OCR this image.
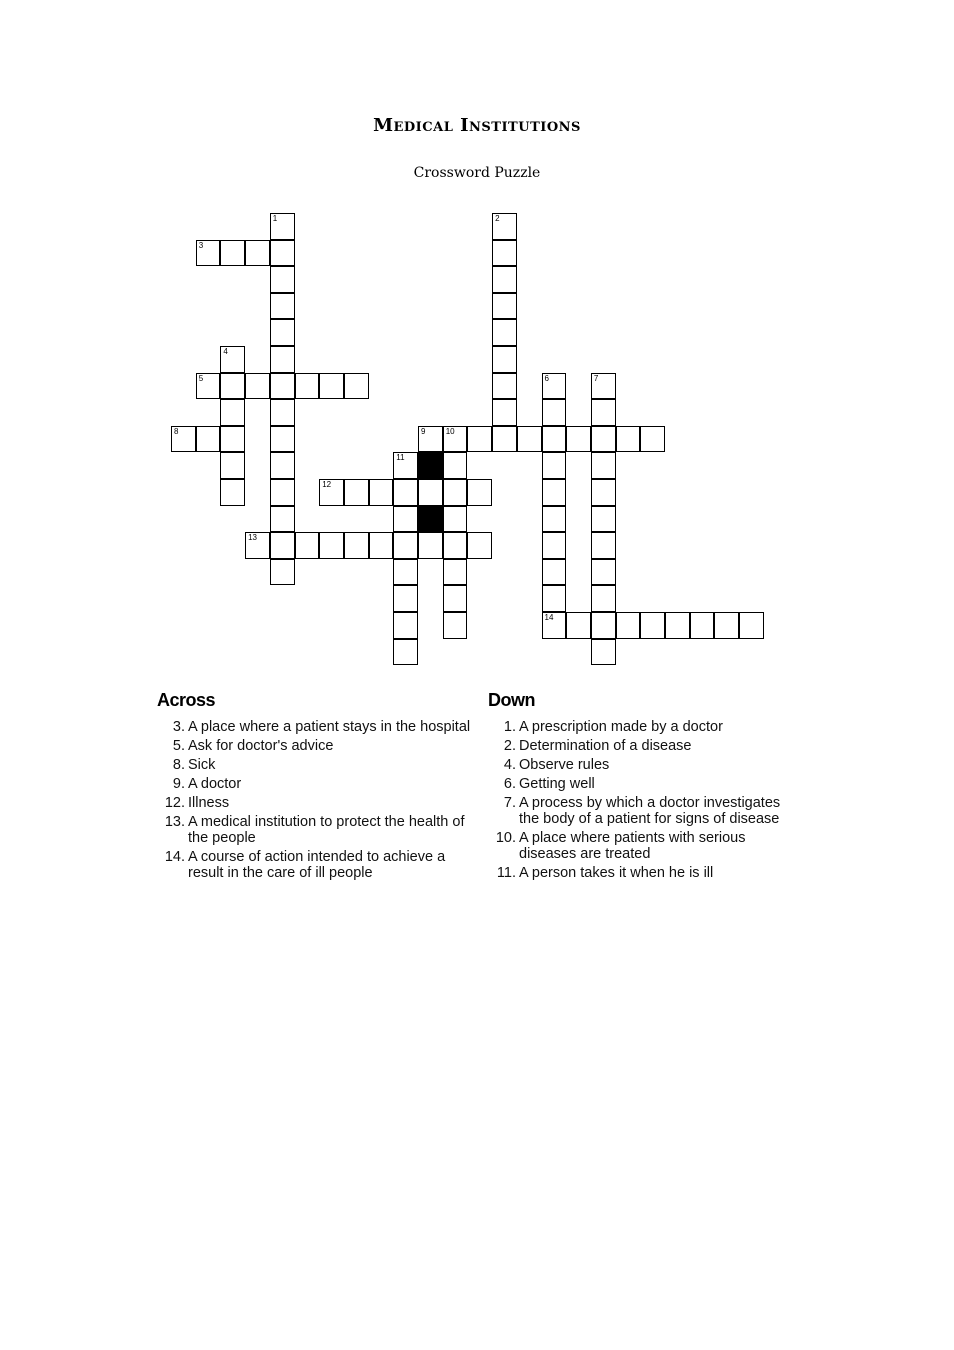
Medical Institutions
Crossword Puzzle
1	2
3
4
5	6	7
8	9	10
11
12
13
14
Across
3. A place where a patient stays in the hospital
5. Ask for doctor's advice
8. Sick
9. A doctor
12. Illness
13. A medical institution to protect the health of the people
14. A course of action intended to achieve a result in the care of ill people
Down
1. A prescription made by a doctor
2. Determination of a disease
4. Observe rules
6. Getting well
7. A process by which a doctor investigates the body of a patient for signs of disease
10. A place where patients with serious diseases are treated
11. A person takes it when he is ill
